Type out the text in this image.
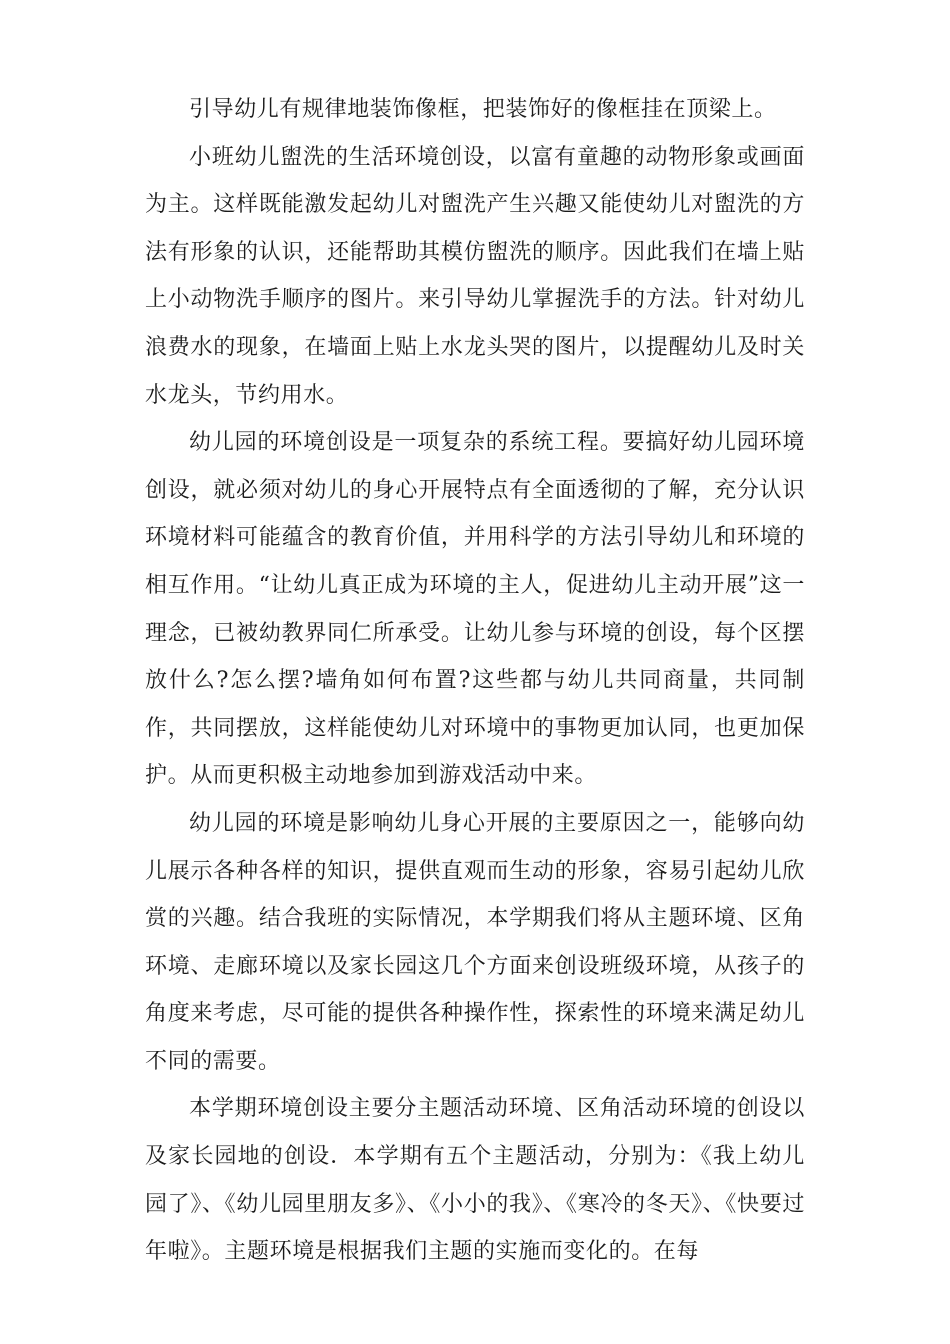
引导幼儿有规律地装饰像框，把装饰好的像框挂在顶梁上。

小班幼儿盥洗的生活环境创设，以富有童趣的动物形象或画面为主。这样既能激发起幼儿对盥洗产生兴趣又能使幼儿对盥洗的方法有形象的认识，还能帮助其模仿盥洗的顺序。因此我们在墙上贴上小动物洗手顺序的图片。来引导幼儿掌握洗手的方法。针对幼儿浪费水的现象，在墙面上贴上水龙头哭的图片，以提醒幼儿及时关水龙头，节约用水。

幼儿园的环境创设是一项复杂的系统工程。要搞好幼儿园环境创设，就必须对幼儿的身心开展特点有全面透彻的了解，充分认识环境材料可能蕴含的教育价值，并用科学的方法引导幼儿和环境的相互作用。“让幼儿真正成为环境的主人，促进幼儿主动开展”这一理念，已被幼教界同仁所承受。让幼儿参与环境的创设，每个区摆放什么?怎么摆?墙角如何布置?这些都与幼儿共同商量，共同制作，共同摆放，这样能使幼儿对环境中的事物更加认同，也更加保护。从而更积极主动地参加到游戏活动中来。

幼儿园的环境是影响幼儿身心开展的主要原因之一，能够向幼儿展示各种各样的知识，提供直观而生动的形象，容易引起幼儿欣赏的兴趣。结合我班的实际情况，本学期我们将从主题环境、区角环境、走廊环境以及家长园这几个方面来创设班级环境，从孩子的角度来考虑，尽可能的提供各种操作性，探索性的环境来满足幼儿不同的需要。

本学期环境创设主要分主题活动环境、区角活动环境的创设以及家长园地的创设．本学期有五个主题活动，分别为：《我上幼儿园了》、《幼儿园里朋友多》、《小小的我》、《寒冷的冬天》、《快要过年啦》。主题环境是根据我们主题的实施而变化的。在每
